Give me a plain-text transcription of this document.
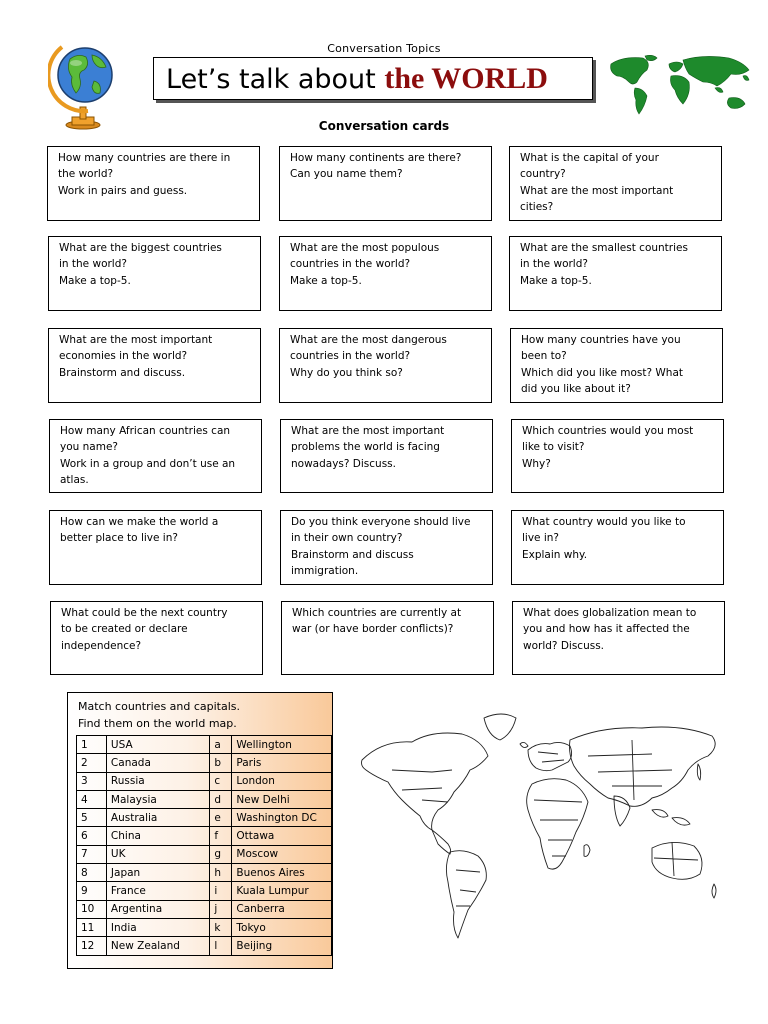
Conversation Topics
Let’s talk about the WORLD
Conversation cards

How many countries are there in

the world?

Work in pairs and guess.

How many continents are there?

Can you name them?

What is the capital of your

country?

What are the most important

cities?

What are the biggest countries

in the world?

Make a top-5.

What are the most populous

countries in the world?

Make a top-5.

What are the smallest countries

in the world?

Make a top-5.

What are the most important

economies in the world?

Brainstorm and discuss.

What are the most dangerous

countries in the world?

Why do you think so?

How many countries have you

been to?

Which did you like most? What

did you like about it?

How many African countries can

you name?

Work in a group and don’t use an

atlas.

What are the most important

problems the world is facing

nowadays? Discuss.

Which countries would you most

like to visit?

Why?

How can we make the world a

better place to live in?

Do you think everyone should live

in their own country?

Brainstorm and discuss

immigration.

What country would you like to

live in?

Explain why.

What could be the next country

to be created or declare

independence?

Which countries are currently at

war (or have border conflicts)?

What does globalization mean to

you and how has it affected the

world? Discuss.

Match countries and capitals.
Find them on the world map.
1	USA	a	Wellington
2	Canada	b	Paris
3	Russia	c	London
4	Malaysia	d	New Delhi
5	Australia	e	Washington DC
6	China	f	Ottawa
7	UK	g	Moscow
8	Japan	h	Buenos Aires
9	France	i	Kuala Lumpur
10	Argentina	j	Canberra
11	India	k	Tokyo
12	New Zealand	l	Beijing
